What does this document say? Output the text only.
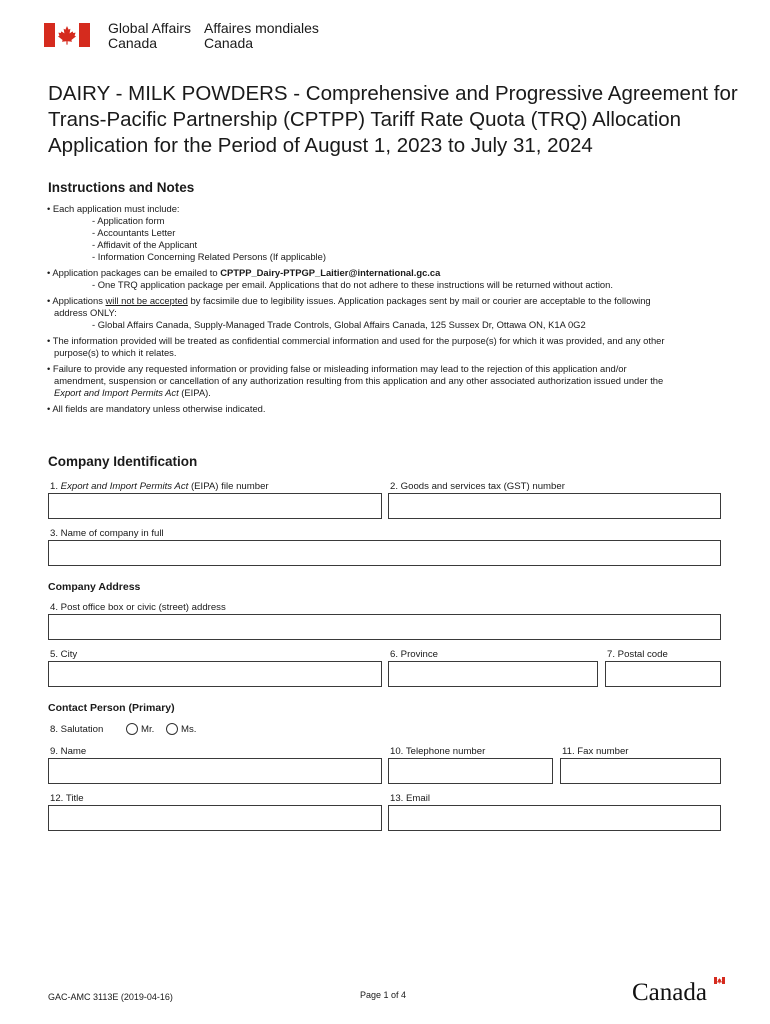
Global Affairs
Canada
Affaires mondiales
Canada
DAIRY - MILK POWDERS - Comprehensive and Progressive Agreement for
Trans-Pacific Partnership (CPTPP) Tariff Rate Quota (TRQ) Allocation
Application for the Period of August 1, 2023 to July 31, 2024
Instructions and Notes
• Each application must include:
- Application form
- Accountants Letter
- Affidavit of the Applicant
- Information Concerning Related Persons (If applicable)
• Application packages can be emailed to CPTPP_Dairy-PTPGP_Laitier@international.gc.ca
- One TRQ application package per email. Applications that do not adhere to these instructions will be returned without action.
• Applications will not be accepted by facsimile due to legibility issues. Application packages sent by mail or courier are acceptable to the following
address ONLY:
- Global Affairs Canada, Supply-Managed Trade Controls, Global Affairs Canada, 125 Sussex Dr, Ottawa ON, K1A 0G2
• The information provided will be treated as confidential commercial information and used for the purpose(s) for which it was provided, and any other
purpose(s) to which it relates.
• Failure to provide any requested information or providing false or misleading information may lead to the rejection of this application and/or
amendment, suspension or cancellation of any authorization resulting from this application and any other associated authorization issued under the
Export and Import Permits Act (EIPA).
• All fields are mandatory unless otherwise indicated.
Company Identification
1. Export and Import Permits Act (EIPA) file number	2. Goods and services tax (GST) number
3. Name of company in full
Company Address
4. Post office box or civic (street) address
5. City	6. Province	7. Postal code
Contact Person (Primary)
8. Salutation	Mr.	Ms.
9. Name	10. Telephone number	11. Fax number
12. Title	13. Email
GAC-AMC 3113E (2019-04-16)	Page 1 of 4	Canada
